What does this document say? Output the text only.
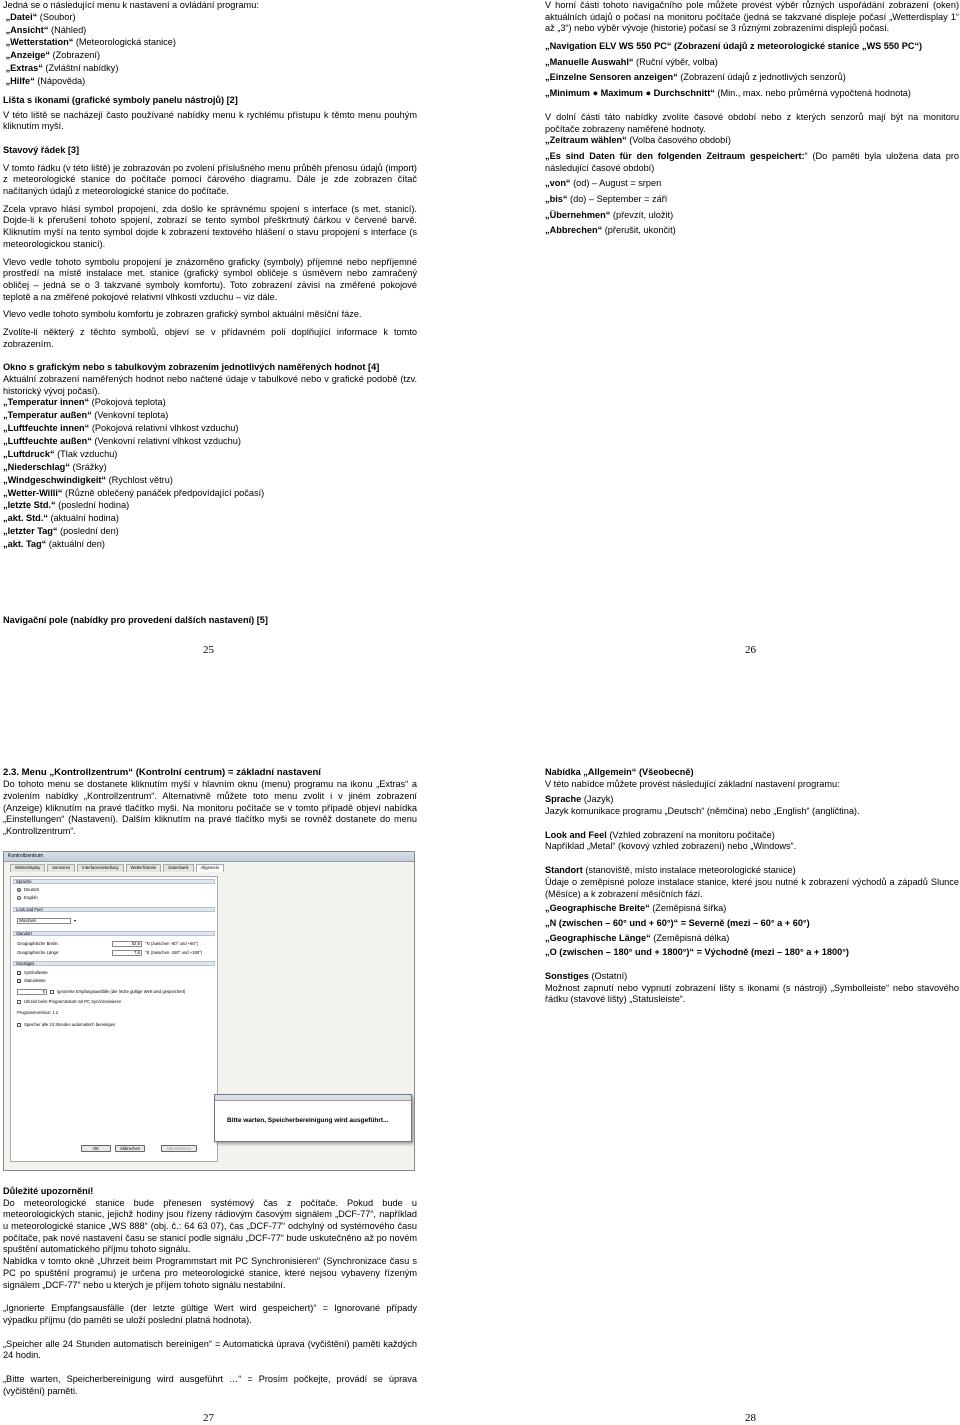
Jedná se o následující menu k nastavení a ovládání programu:

„Datei“ (Soubor)

„Ansicht“ (Náhled)

„Wetterstation“ (Meteorologická stanice)

„Anzeige“ (Zobrazení)

„Extras“ (Zvláštní nabídky)

„Hilfe“ (Nápověda)

Lišta s ikonami (grafické symboly panelu nástrojů) [2]

V této liště se nacházejí často používané nabídky menu k rychlému přístupu k těmto menu pouhým kliknutím myší.

Stavový řádek [3]

V tomto řádku (v této liště) je zobrazován po zvolení příslušného menu průběh přenosu údajů (import) z meteorologické stanice do počítače pomocí čárového diagramu. Dále je zde zobrazen čítač načítaných údajů z meteorologické stanice do počítače.

Zcela vpravo hlásí symbol propojení, zda došlo ke správnému spojení s interface (s met. stanicí). Dojde-li k přerušení tohoto spojení, zobrazí se tento symbol přeškrtnutý čárkou v červené barvě. Kliknutím myší na tento symbol dojde k zobrazení textového hlášení o stavu propojení s interface (s meteorologickou stanicí).

Vlevo vedle tohoto symbolu propojení je znázorněno graficky (symboly) příjemné nebo nepříjemné prostředí na místě instalace met. stanice (grafický symbol obličeje s úsměvem nebo zamračený obličej – jedná se o 3 takzvané symboly komfortu). Toto zobrazení závisí na změřené pokojové teplotě a na změřené pokojové relativní vlhkosti vzduchu – viz dále.

Vlevo vedle tohoto symbolu komfortu je zobrazen grafický symbol aktuální měsíční fáze.

Zvolíte-li některý z těchto symbolů, objeví se v přídavném poli doplňující informace k tomto zobrazením.

Okno s grafickým nebo s tabulkovým zobrazením jednotlivých naměřených hodnot [4]

Aktuální zobrazení naměřených hodnot nebo načtené údaje v tabulkové nebo v grafické podobě (tzv. historický vývoj počasí).

„Temperatur innen“ (Pokojová teplota)

„Temperatur außen“ (Venkovní teplota)

„Luftfeuchte innen“ (Pokojová relativní vlhkost vzduchu)

„Luftfeuchte außen“ (Venkovní relativní vlhkost vzduchu)

„Luftdruck“ (Tlak vzduchu)

„Niederschlag“ (Srážky)

„Windgeschwindigkeit“ (Rychlost větru)

„Wetter-Willi“ (Různě oblečený panáček předpovídající počasí)

„letzte Std.“ (poslední hodina)

„akt. Std.“ (aktuální hodina)

„letzter Tag“ (poslední den)

„akt. Tag“ (aktuální den)

Navigační pole (nabídky pro provedení dalších nastavení) [5]

25	26

V horní části tohoto navigačního pole můžete provést výběr různých uspořádání zobrazení (oken) aktuálních údajů o počasí na monitoru počítače (jedná se takzvané displeje počasí „Wetterdisplay 1“ až „3“) nebo výběr vývoje (historie) počasí se 3 různými zobrazeními displejů počasí.

„Navigation ELV WS 550 PC“ (Zobrazení údajů z meteorologické stanice „WS 550 PC“)

„Manuelle Auswahl“ (Ruční výběr, volba)

„Einzelne Sensoren anzeigen“ (Zobrazení údajů z jednotlivých senzorů)

„Minimum ● Maximum ● Durchschnitt“ (Min., max. nebo průměrná vypočtená hodnota)

V dolní části táto nabídky zvolíte časové období nebo z kterých senzorů mají být na monitoru počítače zobrazeny naměřené hodnoty.

„Zeitraum wählen“ (Volba časového období)

„Es sind Daten für den folgenden Zeitraum gespeichert:“ (Do paměti byla uložena data pro následující časové období)

„von“ (od) – August = srpen

„bis“ (do) – September = září

„Übernehmen“ (převzít, uložit)

„Abbrechen“ (přerušit, ukončit)

2.3. Menu „Kontrollzentrum“ (Kontrolní centrum) = základní nastavení

Do tohoto menu se dostanete kliknutím myší v hlavním oknu (menu) programu na ikonu „Extras“ a zvolením nabídky „Kontrollzentrum“. Alternativně můžete toto menu zvolit i v jiném zobrazení (Anzeige) kliknutím na pravé tlačítko myši. Na monitoru počítače se v tomto případě objeví nabídka „Einstellungen“ (Nastavení). Dalším kliknutím na pravé tlačítko myši se rovněž dostanete do menu „Kontrollzentrum“.

Kontrollzentrum
Wetterdisplay	Sensoren	Interfaceeinstellung	Wetterhistorie	Datenbank	Allgemein
Sprache
Deutsch
English
Look and Feel
Windows	▾
Standort
Geographische Breite:	52,6	°N (zwischen -60° und +60°)
Geographische Länge:	7,6	°E (zwischen -180° und +180°)
Sonstiges
✓ Symbolleiste
✓ Statusleiste
5	Ignorierte Empfangsausfälle (der letzte gültige Wert wird gespeichert)
Uhrzeit beim Programmstart mit PC Synchronisieren
Programmversion: 1.2
Speicher alle 24 Stunden automatisch bereinigen
OK	Abbrechen	Übernehmen
Bitte warten, Speicherbereinigung wird ausgeführt...

Důležité upozornění!

Do meteorologické stanice bude přenesen systémový čas z počítače. Pokud bude u meteorologických stanic, jejichž hodiny jsou řízeny rádiovým časovým signálem „DCF-77“, například u meteorologické stanice „WS 888“ (obj. č.: 64 63 07), čas „DCF-77“ odchylný od systémového času počítače, pak nové nastavení času se stanicí podle signálu „DCF-77“ bude uskutečněno až po novém spuštění automatického příjmu tohoto signálu.

Nabídka v tomto okně „Uhrzeit beim Programmstart mit PC Synchronisieren“ (Synchronizace času s PC po spuštění programu) je určena pro meteorologické stanice, které nejsou vybaveny řízeným signálem „DCF-77“ nebo u kterých je příjem tohoto signálu nestabilní.

„Ignorierte Empfangsausfälle (der letzte gültige Wert wird gespeichert)“ = Ignorované případy výpadku příjmu (do paměti se uloží poslední platná hodnota).

„Speicher alle 24 Stunden automatisch bereinigen“ = Automatická úprava (vyčištění) paměti každých 24 hodin.

„Bitte warten, Speicherbereinigung wird ausgeführt …“ = Prosím počkejte, provádí se úprava (vyčištění) paměti.

27	28

Nabídka „Allgemein“ (Všeobecně)

V této nabídce můžete provést následující základní nastavení programu:

Sprache (Jazyk)

Jazyk komunikace programu „Deutsch“ (němčina) nebo „English“ (angličtina).

Look and Feel (Vzhled zobrazení na monitoru počítače)

Například „Metal“ (kovový vzhled zobrazení) nebo „Windows“.

Standort (stanoviště, místo instalace meteorologické stanice)

Údaje o zeměpisné poloze instalace stanice, které jsou nutné k zobrazení východů a západů Slunce (Měsíce) a k zobrazení měsíčních fází.

„Geographische Breite“ (Zeměpisná šířka)

„N (zwischen – 60° und + 60°)“ = Severně (mezi – 60° a + 60°)

„Geographische Länge“ (Zeměpisná délka)

„O (zwischen – 180° und + 1800°)“ = Východně (mezi – 180° a + 1800°)

Sonstiges (Ostatní)

Možnost zapnutí nebo vypnutí zobrazení lišty s ikonami (s nástroji) „Symbolleiste“ nebo stavového řádku (stavové lišty) „Statusleiste“.
